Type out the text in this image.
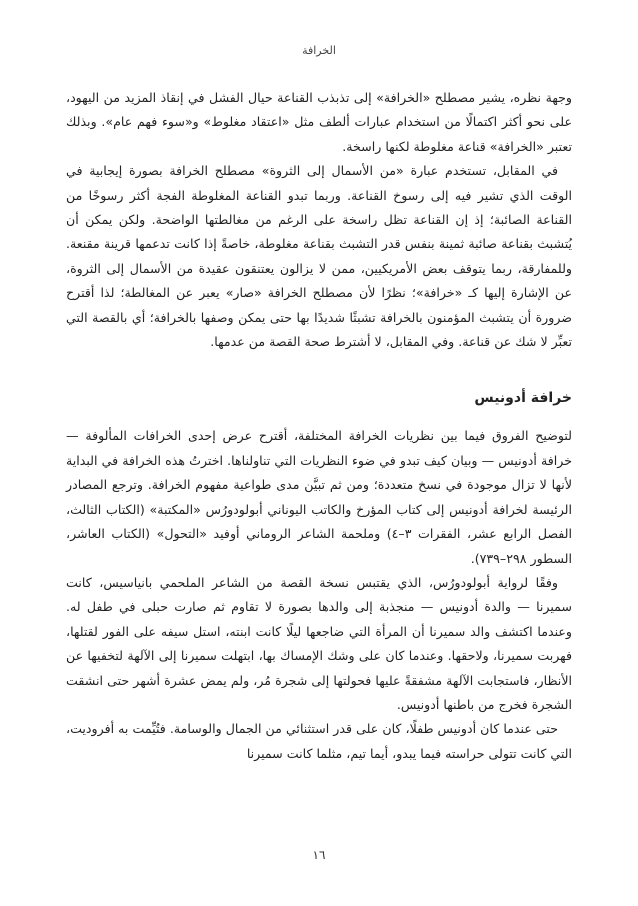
الخرافة

وجهة نظره، يشير مصطلح «الخرافة» إلى تذبذب القناعة حيال الفشل في إنقاذ المزيد من اليهود، على نحو أكثر اكتمالًا من استخدام عبارات ألطف مثل «اعتقاد مغلوط» و«سوء فهم عام». وبذلك تعتبر «الخرافة» قناعة مغلوطة لكنها راسخة.

في المقابل، تستخدم عبارة «من الأسمال إلى الثروة» مصطلح الخرافة بصورة إيجابية في الوقت الذي تشير فيه إلى رسوخ القناعة. وربما تبدو القناعة المغلوطة الفجة أكثر رسوخًا من القناعة الصائبة؛ إذ إن القناعة تظل راسخة على الرغم من مغالطتها الواضحة. ولكن يمكن أن يُتشبث بقناعة صائبة ثمينة بنفس قدر التشبث بقناعة مغلوطة، خاصةً إذا كانت تدعمها قرينة مقنعة. وللمفارقة، ربما يتوقف بعض الأمريكيين، ممن لا يزالون يعتنقون عقيدة من الأسمال إلى الثروة، عن الإشارة إليها كـ «خرافة»؛ نظرًا لأن مصطلح الخرافة «صار» يعبر عن المغالطة؛ لذا أقترح ضرورة أن يتشبث المؤمنون بالخرافة تشبثًا شديدًا بها حتى يمكن وصفها بالخرافة؛ أي بالقصة التي تعبِّر لا شك عن قناعة. وفي المقابل، لا أشترط صحة القصة من عدمها.

خرافة أدونيس

لتوضيح الفروق فيما بين نظريات الخرافة المختلفة، أقترح عرض إحدى الخرافات المألوفة — خرافة أدونيس — وبيان كيف تبدو في ضوء النظريات التي تناولناها. اخترتُ هذه الخرافة في البداية لأنها لا تزال موجودة في نسخ متعددة؛ ومن ثم تبيَّن مدى طواعية مفهوم الخرافة. وترجع المصادر الرئيسة لخرافة أدونيس إلى كتاب المؤرخ والكاتب اليوناني أبولودورُس «المكتبة» (الكتاب الثالث، الفصل الرابع عشر، الفقرات ٣–٤) وملحمة الشاعر الروماني أوفيد «التحول» (الكتاب العاشر، السطور ٢٩٨–٧٣٩).

وفقًا لرواية أبولودورُس، الذي يقتبس نسخة القصة من الشاعر الملحمي بانياسيس، كانت سميرنا — والدة أدونيس — منجذبة إلى والدها بصورة لا تقاوم ثم صارت حبلى في طفل له. وعندما اكتشف والد سميرنا أن المرأة التي ضاجعها ليلًا كانت ابنته، استل سيفه على الفور لقتلها، فهربت سميرنا، ولاحقها. وعندما كان على وشك الإمساك بها، ابتهلت سميرنا إلى الآلهة لتخفيها عن الأنظار، فاستجابت الآلهة مشفقةً عليها فحولتها إلى شجرة مُر، ولم يمض عشرة أشهر حتى انشقت الشجرة فخرج من باطنها أدونيس.

حتى عندما كان أدونيس طفلًا، كان على قدر استثنائي من الجمال والوسامة. فتُيِّمت به أفروديت، التي كانت تتولى حراسته فيما يبدو، أيما تيم، مثلما كانت سميرنا

١٦
